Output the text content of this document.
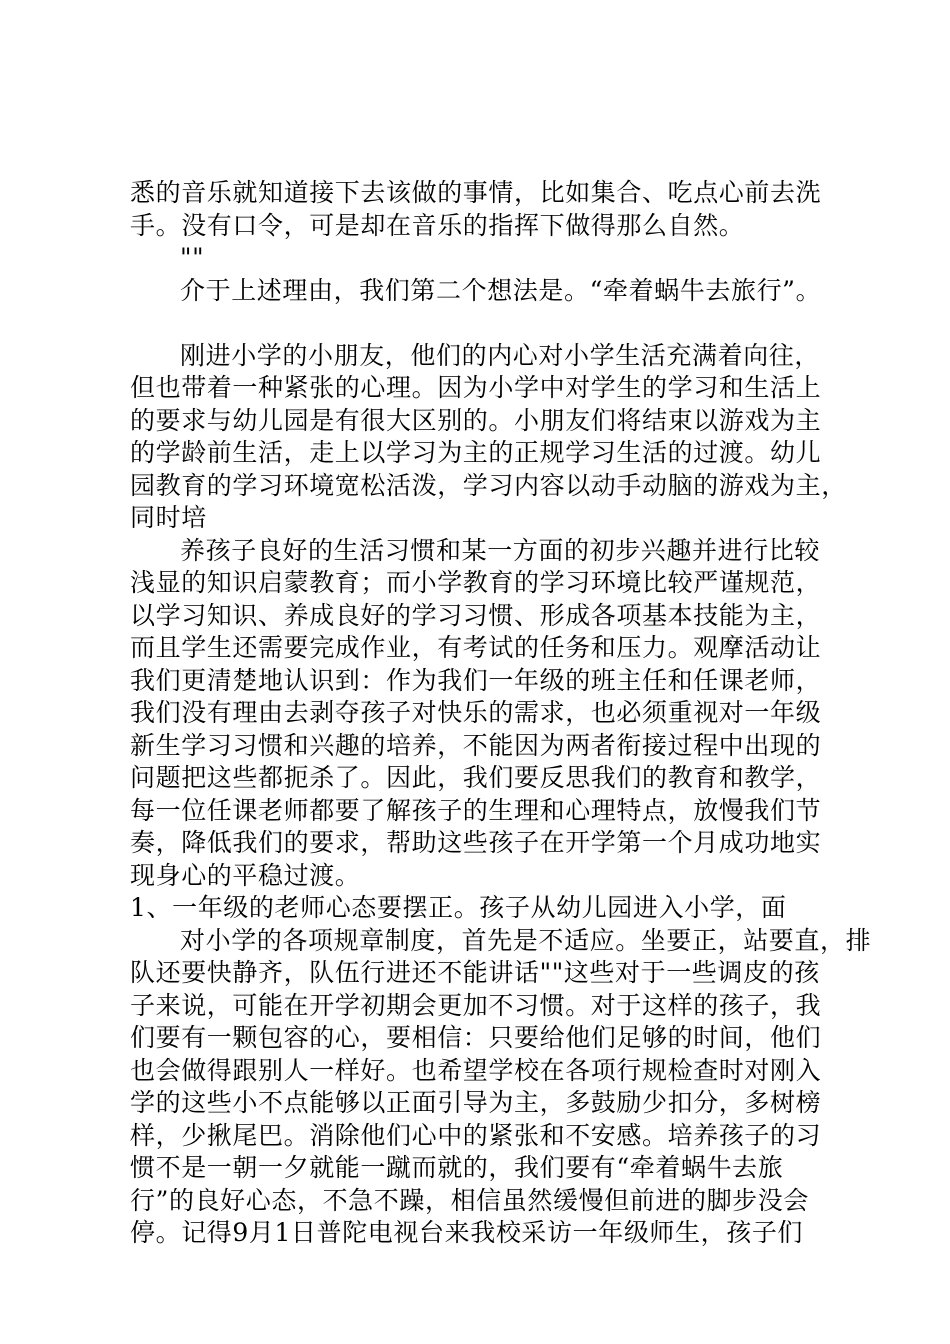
悉的音乐就知道接下去该做的事情，比如集合、吃点心前去洗
手。没有口令，可是却在音乐的指挥下做得那么自然。
""
介于上述理由，我们第二个想法是。“牵着蜗牛去旅行”。
刚进小学的小朋友，他们的内心对小学生活充满着向往，
但也带着一种紧张的心理。因为小学中对学生的学习和生活上
的要求与幼儿园是有很大区别的。小朋友们将结束以游戏为主
的学龄前生活，走上以学习为主的正规学习生活的过渡。幼儿
园教育的学习环境宽松活泼，学习内容以动手动脑的游戏为主，
同时培
养孩子良好的生活习惯和某一方面的初步兴趣并进行比较
浅显的知识启蒙教育；而小学教育的学习环境比较严谨规范，
以学习知识、养成良好的学习习惯、形成各项基本技能为主，
而且学生还需要完成作业，有考试的任务和压力。观摩活动让
我们更清楚地认识到：作为我们一年级的班主任和任课老师，
我们没有理由去剥夺孩子对快乐的需求，也必须重视对一年级
新生学习习惯和兴趣的培养，不能因为两者衔接过程中出现的
问题把这些都扼杀了。因此，我们要反思我们的教育和教学，
每一位任课老师都要了解孩子的生理和心理特点，放慢我们节
奏，降低我们的要求，帮助这些孩子在开学第一个月成功地实
现身心的平稳过渡。
1、一年级的老师心态要摆正。孩子从幼儿园进入小学，面
对小学的各项规章制度，首先是不适应。坐要正，站要直，排
队还要快静齐，队伍行进还不能讲话""这些对于一些调皮的孩
子来说，可能在开学初期会更加不习惯。对于这样的孩子，我
们要有一颗包容的心，要相信：只要给他们足够的时间，他们
也会做得跟别人一样好。也希望学校在各项行规检查时对刚入
学的这些小不点能够以正面引导为主，多鼓励少扣分，多树榜
样，少揪尾巴。消除他们心中的紧张和不安感。培养孩子的习
惯不是一朝一夕就能一蹴而就的，我们要有“牵着蜗牛去旅
行”的良好心态，不急不躁，相信虽然缓慢但前进的脚步没会
停。记得9月1日普陀电视台来我校采访一年级师生，孩子们
